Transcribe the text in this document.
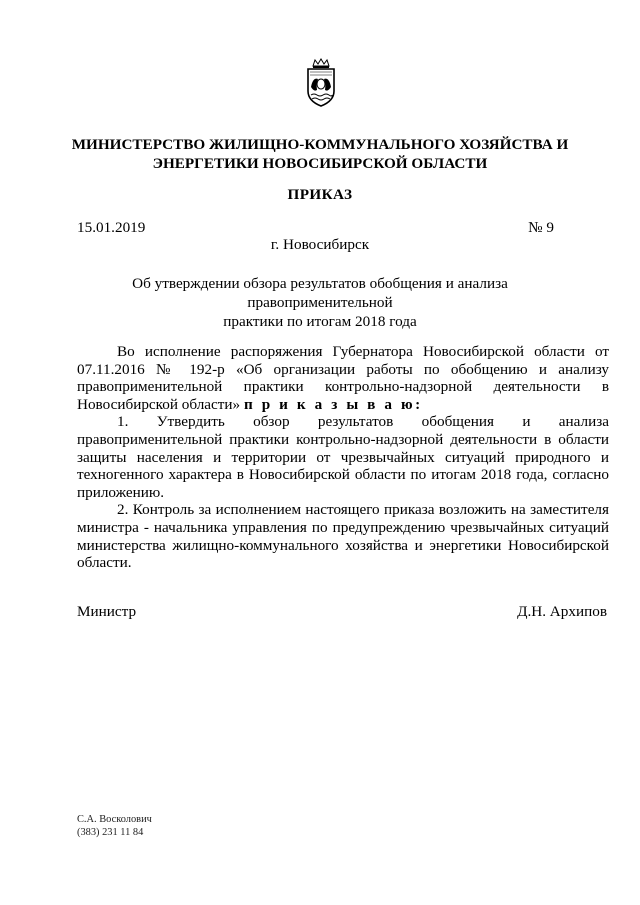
МИНИСТЕРСТВО ЖИЛИЩНО-КОММУНАЛЬНОГО ХОЗЯЙСТВА И
ЭНЕРГЕТИКИ НОВОСИБИРСКОЙ ОБЛАСТИ
ПРИКАЗ
15.01.2019	№ 9
г. Новосибирск
Об утверждении обзора результатов обобщения и анализа правоприменительной
практики по итогам 2018 года

Во исполнение распоряжения Губернатора Новосибирской области от 07.11.2016 № 192-р «Об организации работы по обобщению и анализу правоприменительной практики контрольно-надзорной деятельности в Новосибирской области» п р и к а з ы в а ю:

1. Утвердить обзор результатов обобщения и анализа правоприменительной практики контрольно-надзорной деятельности в области защиты населения и территории от чрезвычайных ситуаций природного и техногенного характера в Новосибирской области по итогам 2018 года, согласно приложению.

2. Контроль за исполнением настоящего приказа возложить на заместителя министра - начальника управления по предупреждению чрезвычайных ситуаций министерства жилищно-коммунального хозяйства и энергетики Новосибирской области.

Министр	Д.Н. Архипов
С.А. Восколович
(383) 231 11 84
